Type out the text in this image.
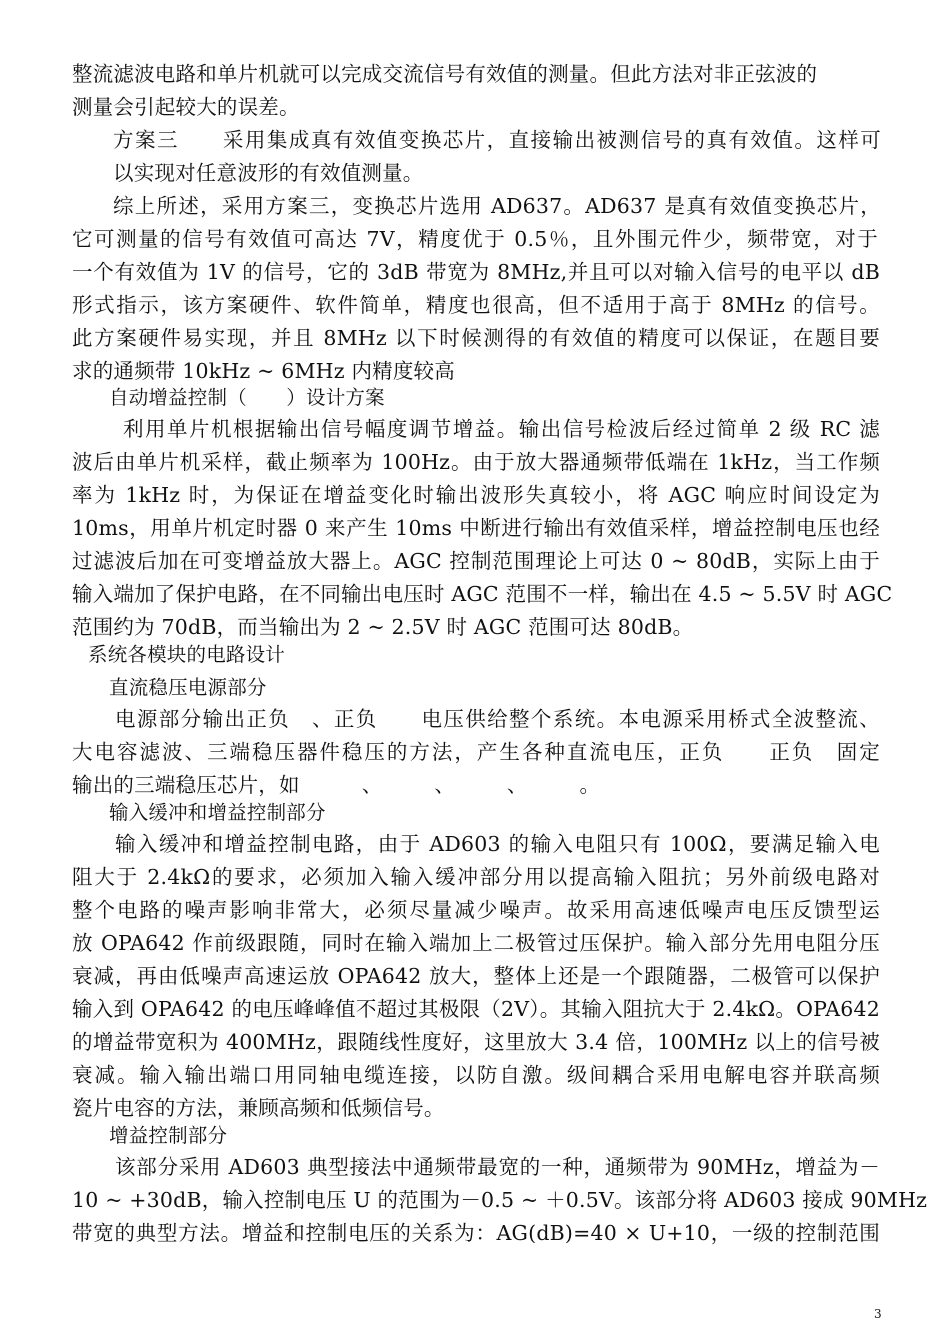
整流滤波电路和单片机就可以完成交流信号有效值的测量。但此方法对非正弦波的
测量会引起较大的误差。
方案三　　采用集成真有效值变换芯片，直接输出被测信号的真有效值。这样可
以实现对任意波形的有效值测量。
综上所述，采用方案三，变换芯片选用 AD637。AD637 是真有效值变换芯片，
它可测量的信号有效值可高达 7V，精度优于 0.5％，且外围元件少，频带宽，对于
一个有效值为 1V 的信号，它的 3dB 带宽为 8MHz,并且可以对输入信号的电平以 dB
形式指示，该方案硬件、软件简单，精度也很高，但不适用于高于 8MHz 的信号。
此方案硬件易实现，并且 8MHz 以下时候测得的有效值的精度可以保证，在题目要
求的通频带 10kHz ~ 6MHz 内精度较高
自动增益控制（　　）设计方案
利用单片机根据输出信号幅度调节增益。输出信号检波后经过简单 2 级 RC 滤
波后由单片机采样，截止频率为 100Hz。由于放大器通频带低端在 1kHz，当工作频
率为 1kHz 时，为保证在增益变化时输出波形失真较小，将 AGC 响应时间设定为
10ms，用单片机定时器 0 来产生 10ms 中断进行输出有效值采样，增益控制电压也经
过滤波后加在可变增益放大器上。AGC 控制范围理论上可达 0 ~ 80dB，实际上由于
输入端加了保护电路，在不同输出电压时 AGC 范围不一样，输出在 4.5 ~ 5.5V 时 AGC
范围约为 70dB，而当输出为 2 ~ 2.5V 时 AGC 范围可达 80dB。
系统各模块的电路设计
直流稳压电源部分
电源部分输出正负　、正负　　电压供给整个系统。本电源采用桥式全波整流、
大电容滤波、三端稳压器件稳压的方法，产生各种直流电压，正负　　正负　固定
输出的三端稳压芯片，如　　　、　　　、　　　、　　　。
输入缓冲和增益控制部分
输入缓冲和增益控制电路，由于 AD603 的输入电阻只有 100Ω，要满足输入电
阻大于 2.4kΩ的要求，必须加入输入缓冲部分用以提高输入阻抗；另外前级电路对
整个电路的噪声影响非常大，必须尽量减少噪声。故采用高速低噪声电压反馈型运
放 OPA642 作前级跟随，同时在输入端加上二极管过压保护。输入部分先用电阻分压
衰减，再由低噪声高速运放 OPA642 放大，整体上还是一个跟随器，二极管可以保护
输入到 OPA642 的电压峰峰值不超过其极限（2V）。其输入阻抗大于 2.4kΩ。OPA642
的增益带宽积为 400MHz，跟随线性度好，这里放大 3.4 倍，100MHz 以上的信号被
衰减。输入输出端口用同轴电缆连接，以防自激。级间耦合采用电解电容并联高频
瓷片电容的方法，兼顾高频和低频信号。
增益控制部分
该部分采用 AD603 典型接法中通频带最宽的一种，通频带为 90MHz，增益为－
10 ~ +30dB，输入控制电压 U 的范围为－0.5 ~ ＋0.5V。该部分将 AD603 接成 90MHz
带宽的典型方法。增益和控制电压的关系为：AG(dB)=40 × U+10，一级的控制范围
3
